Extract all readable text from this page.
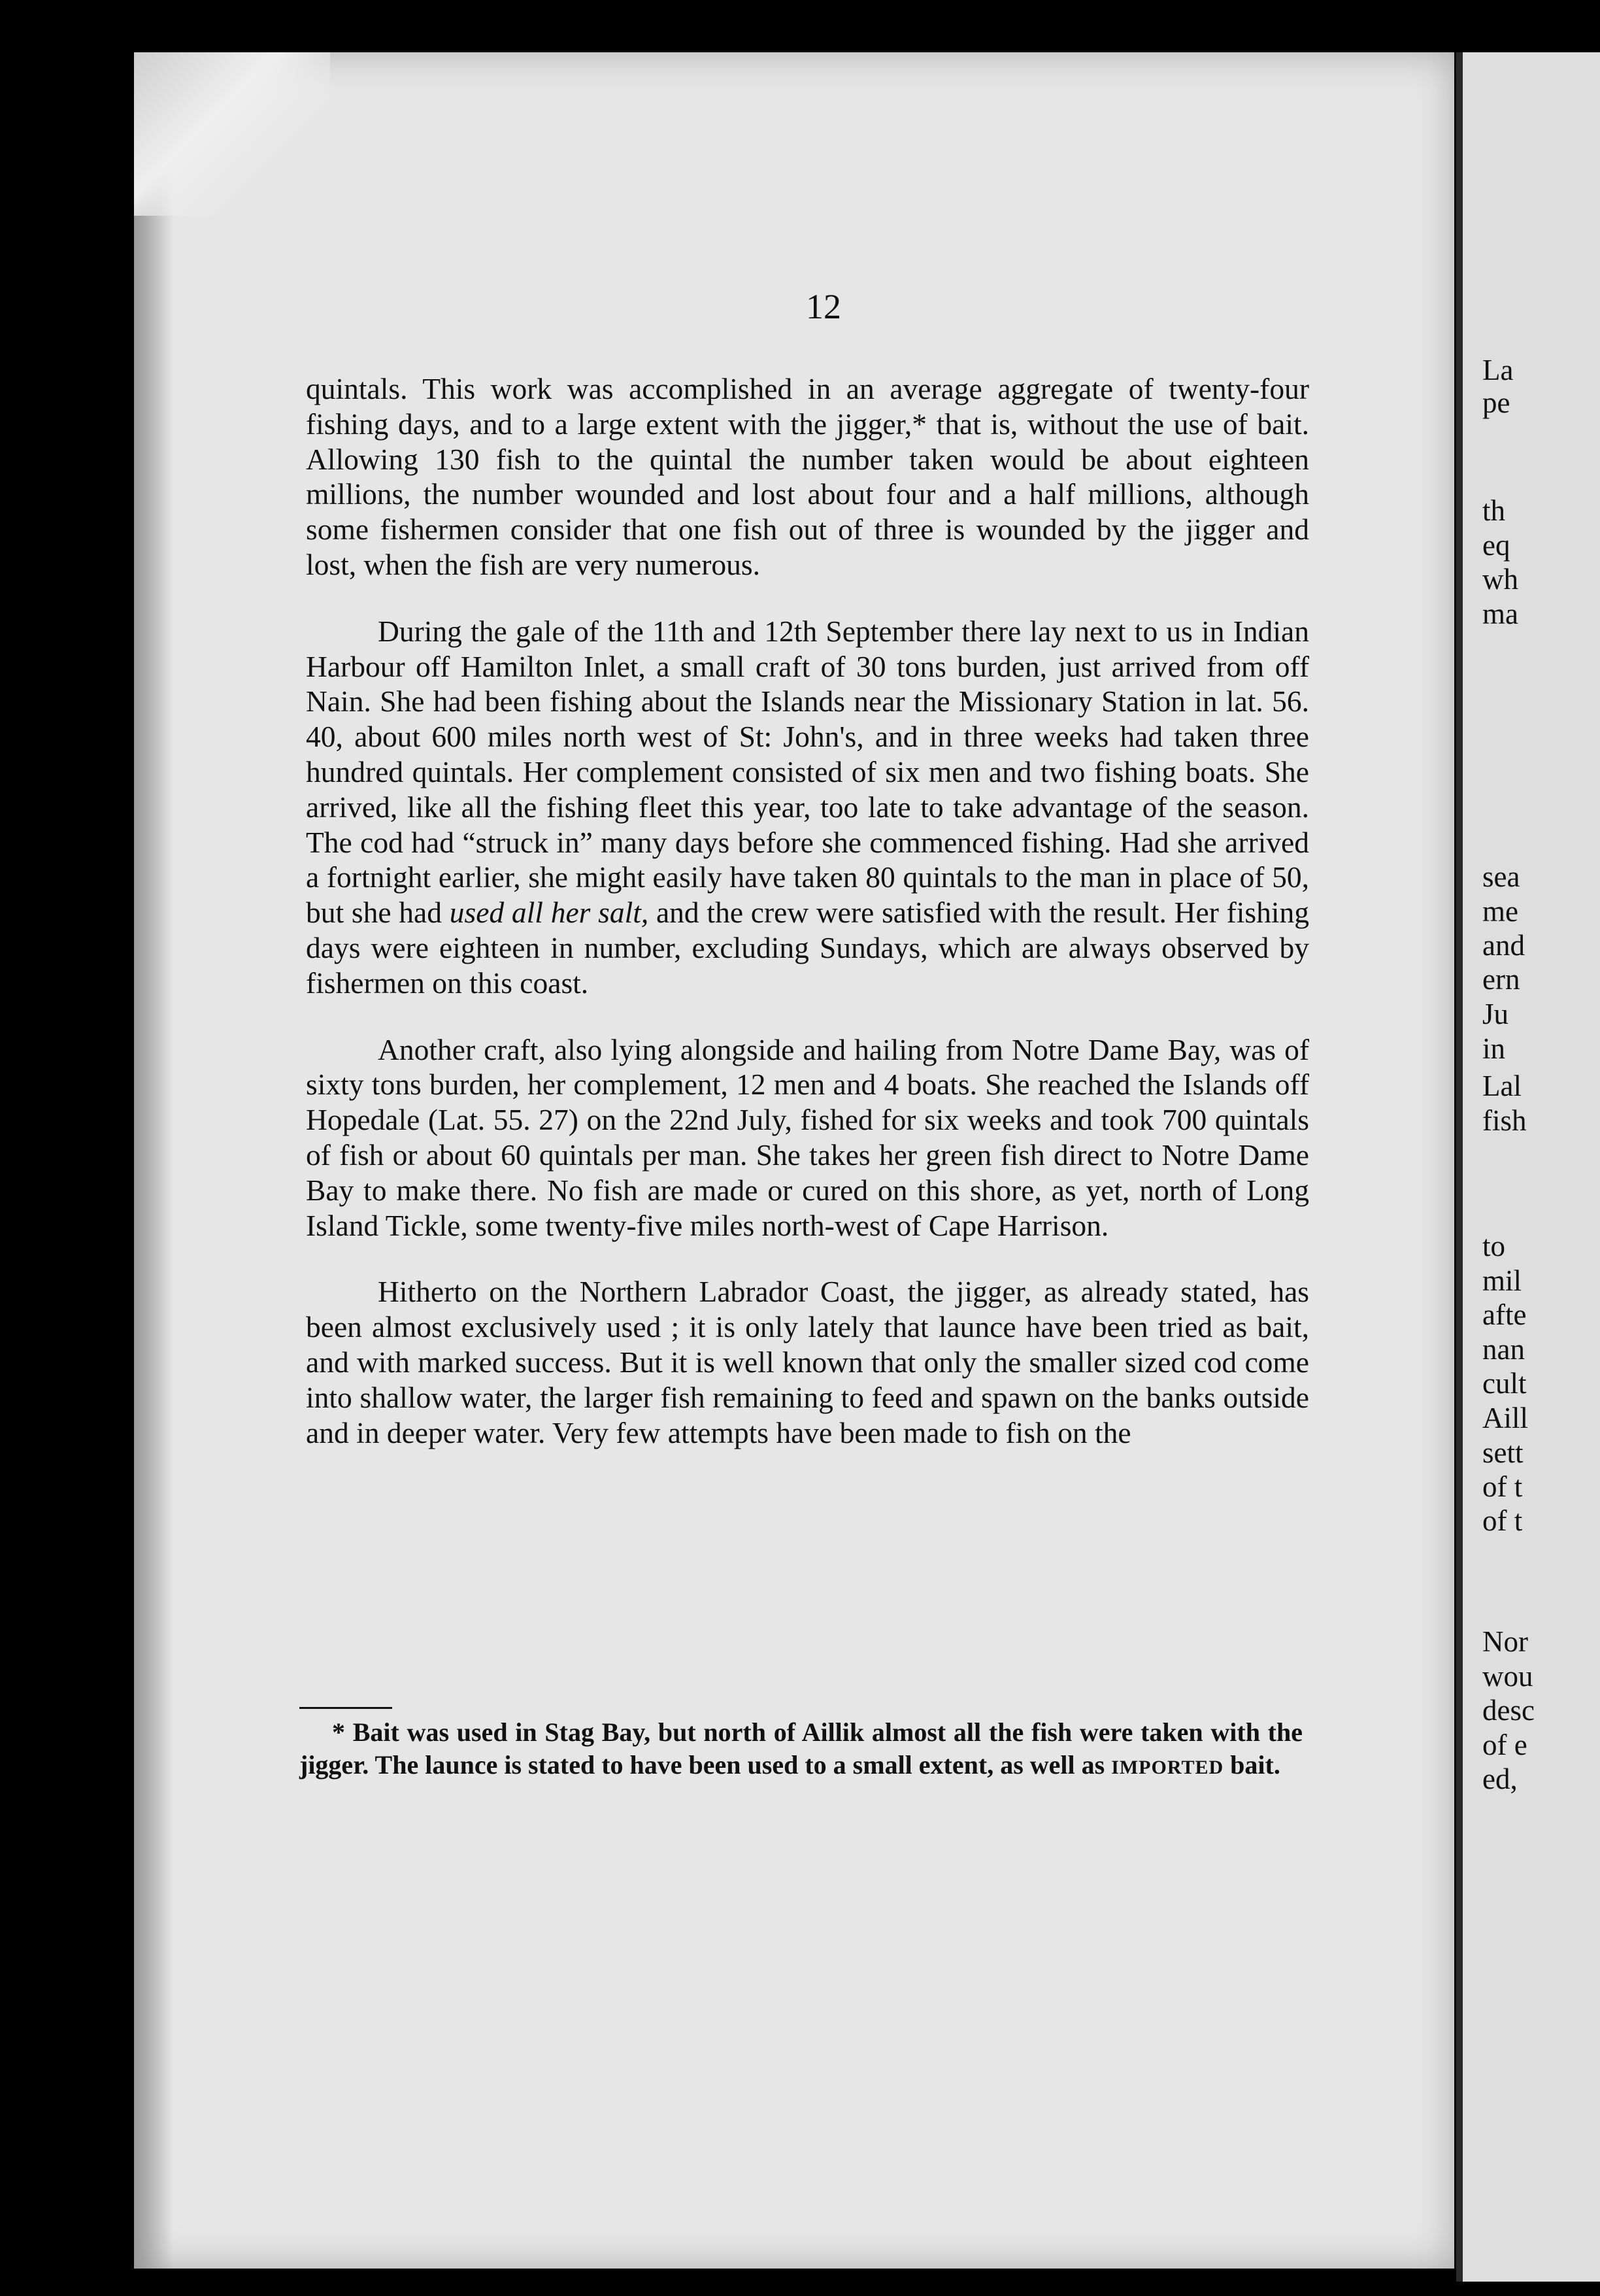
12

quintals. This work was accomplished in an average aggregate of twenty-four fishing days, and to a large extent with the jigger,* that is, without the use of bait. Allowing 130 fish to the quintal the number taken would be about eighteen millions, the number wounded and lost about four and a half millions, although some fishermen consider that one fish out of three is wounded by the jigger and lost, when the fish are very numerous.

During the gale of the 11th and 12th September there lay next to us in Indian Harbour off Hamilton Inlet, a small craft of 30 tons burden, just arrived from off Nain. She had been fishing about the Islands near the Missionary Station in lat. 56. 40, about 600 miles north west of St: John's, and in three weeks had taken three hundred quintals. Her complement consisted of six men and two fishing boats. She arrived, like all the fishing fleet this year, too late to take advantage of the season. The cod had “struck in” many days before she commenced fishing. Had she arrived a fortnight earlier, she might easily have taken 80 quintals to the man in place of 50, but she had used all her salt, and the crew were satisfied with the result. Her fishing days were eighteen in number, excluding Sundays, which are always observed by fishermen on this coast.

Another craft, also lying alongside and hailing from Notre Dame Bay, was of sixty tons burden, her complement, 12 men and 4 boats. She reached the Islands off Hopedale (Lat. 55. 27) on the 22nd July, fished for six weeks and took 700 quintals of fish or about 60 quintals per man. She takes her green fish direct to Notre Dame Bay to make there. No fish are made or cured on this shore, as yet, north of Long Island Tickle, some twenty-five miles north-west of Cape Harrison.

Hitherto on the Northern Labrador Coast, the jigger, as already stated, has been almost exclusively used ; it is only lately that launce have been tried as bait, and with marked success. But it is well known that only the smaller sized cod come into shallow water, the larger fish remaining to feed and spawn on the banks outside and in deeper water. Very few attempts have been made to fish on the

* Bait was used in Stag Bay, but north of Aillik almost all the fish were taken with the jigger. The launce is stated to have been used to a small extent, as well as IMPORTED bait.
La
pe
th
eq
wh
ma
sea
me
and
ern
Ju
in
Lal
fish
to
mil
afte
nan
cult
Aill
sett
of t
of t
Nor
wou
desc
of e
ed,
